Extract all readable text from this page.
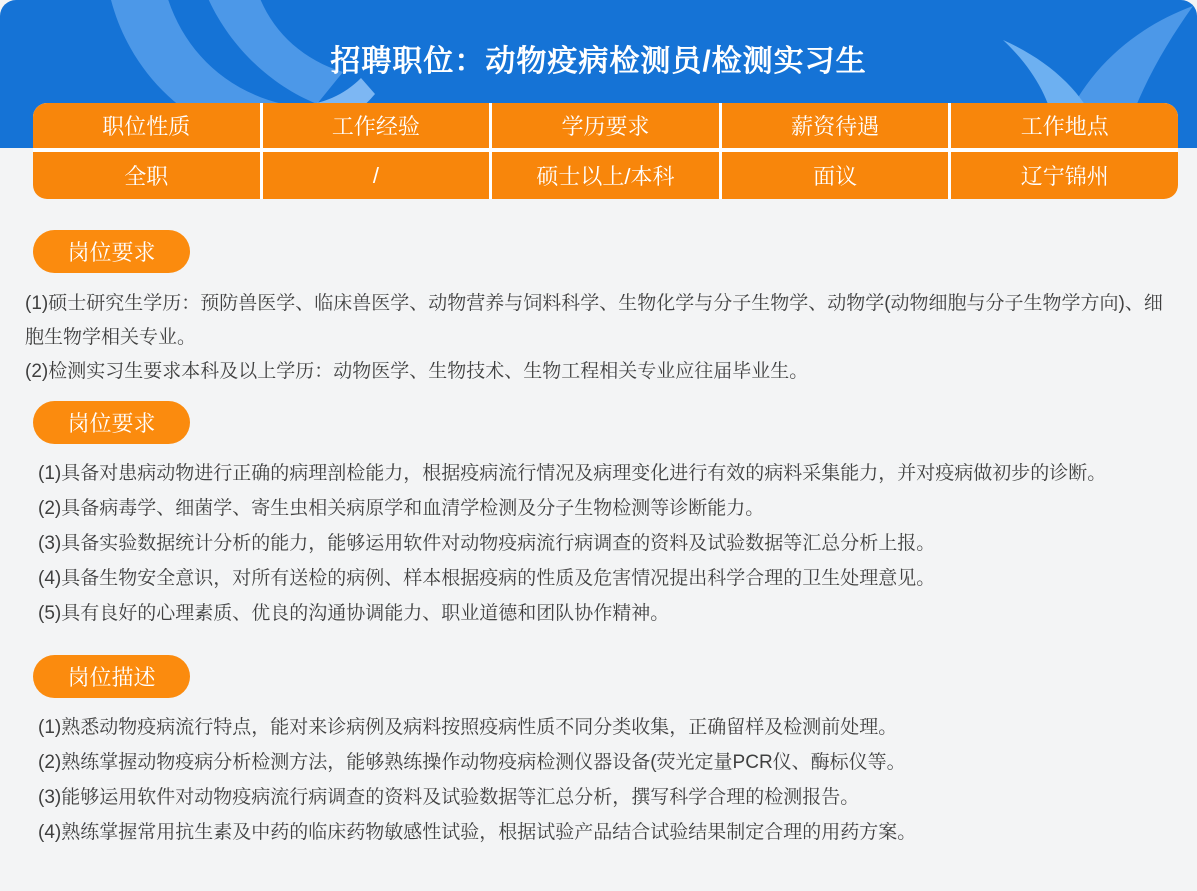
招聘职位：动物疫病检测员/检测实习生
职位性质	工作经验	学历要求	薪资待遇	工作地点
全职	/	硕士以上/本科	面议	辽宁锦州
岗位要求

(1)硕士研究生学历：预防兽医学、临床兽医学、动物营养与饲料科学、生物化学与分子生物学、动物学(动物细胞与分子生物学方向)、细胞生物学相关专业。

(2)检测实习生要求本科及以上学历：动物医学、生物技术、生物工程相关专业应往届毕业生。

岗位要求

(1)具备对患病动物进行正确的病理剖检能力，根据疫病流行情况及病理变化进行有效的病料采集能力，并对疫病做初步的诊断。

(2)具备病毒学、细菌学、寄生虫相关病原学和血清学检测及分子生物检测等诊断能力。

(3)具备实验数据统计分析的能力，能够运用软件对动物疫病流行病调查的资料及试验数据等汇总分析上报。

(4)具备生物安全意识，对所有送检的病例、样本根据疫病的性质及危害情况提出科学合理的卫生处理意见。

(5)具有良好的心理素质、优良的沟通协调能力、职业道德和团队协作精神。

岗位描述

(1)熟悉动物疫病流行特点，能对来诊病例及病料按照疫病性质不同分类收集，正确留样及检测前处理。

(2)熟练掌握动物疫病分析检测方法，能够熟练操作动物疫病检测仪器设备(荧光定量PCR仪、酶标仪等。

(3)能够运用软件对动物疫病流行病调查的资料及试验数据等汇总分析，撰写科学合理的检测报告。

(4)熟练掌握常用抗生素及中药的临床药物敏感性试验，根据试验产品结合试验结果制定合理的用药方案。
